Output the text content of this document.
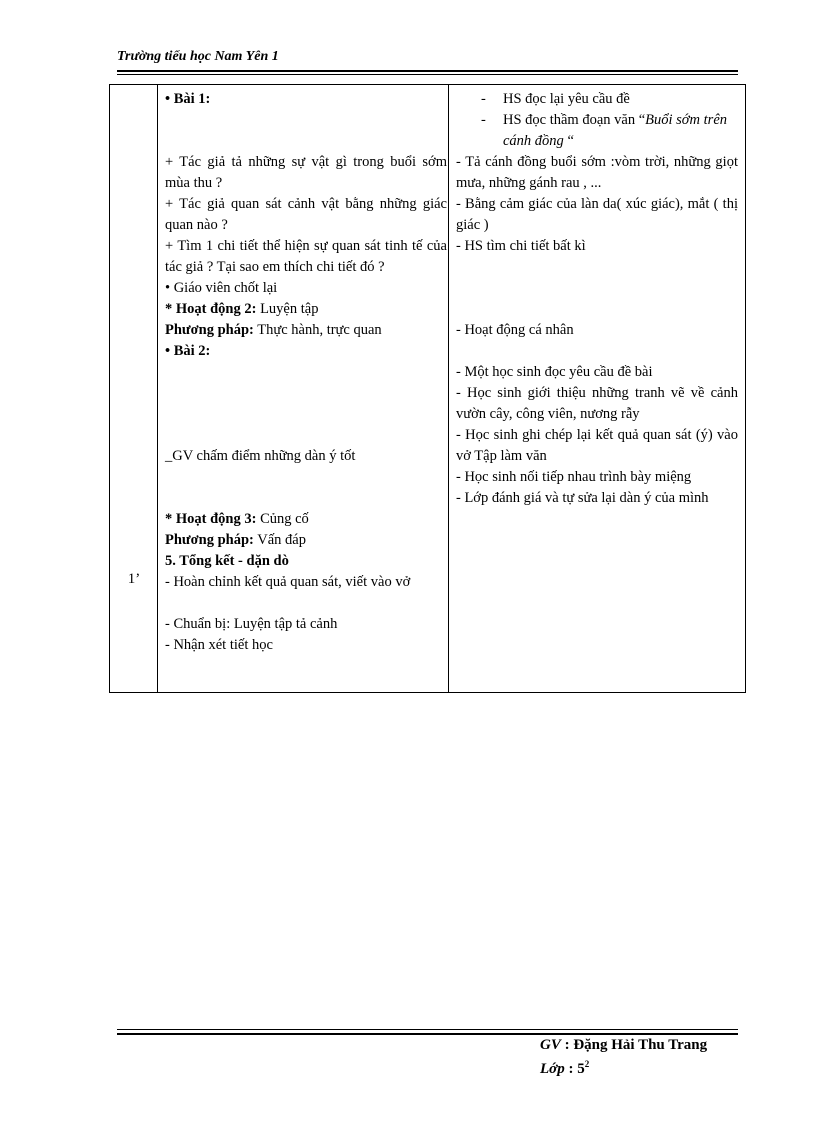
Trường tiểu học Nam Yên 1
1’

• Bài 1:

+ Tác giả tả những sự vật gì trong buổi sớm mùa thu ?

+ Tác giả quan sát cảnh vật bằng những giác quan nào ?

+ Tìm 1 chi tiết thể hiện sự quan sát tinh tế của tác giả ? Tại sao em thích chi tiết đó ?

• Giáo viên chốt lại

* Hoạt động 2: Luyện tập

Phương pháp: Thực hành, trực quan

• Bài 2:

_GV chấm điểm những dàn ý tốt

* Hoạt động 3: Củng cố

Phương pháp: Vấn đáp

5. Tổng kết - dặn dò

- Hoàn chỉnh kết quả quan sát, viết vào vở

- Chuẩn bị: Luyện tập tả cảnh

- Nhận xét tiết học

- HS đọc lại yêu cầu đề

- HS đọc thầm đoạn văn “Buổi sớm trên cánh đồng “

- Tả cánh đồng buổi sớm :vòm trời, những giọt mưa, những gánh rau , ...

- Bằng cảm giác của làn da( xúc giác), mắt ( thị giác )

- HS tìm chi tiết bất kì

- Hoạt động cá nhân

- Một học sinh đọc yêu cầu đề bài

- Học sinh giới thiệu những tranh vẽ về cảnh vườn cây, công viên, nương rẫy

- Học sinh ghi chép lại kết quả quan sát (ý) vào vở Tập làm văn

- Học sinh nối tiếp nhau trình bày miệng

- Lớp đánh giá và tự sửa lại dàn ý của mình

GV : Đặng Hải Thu Trang
Lớp : $5^2$
